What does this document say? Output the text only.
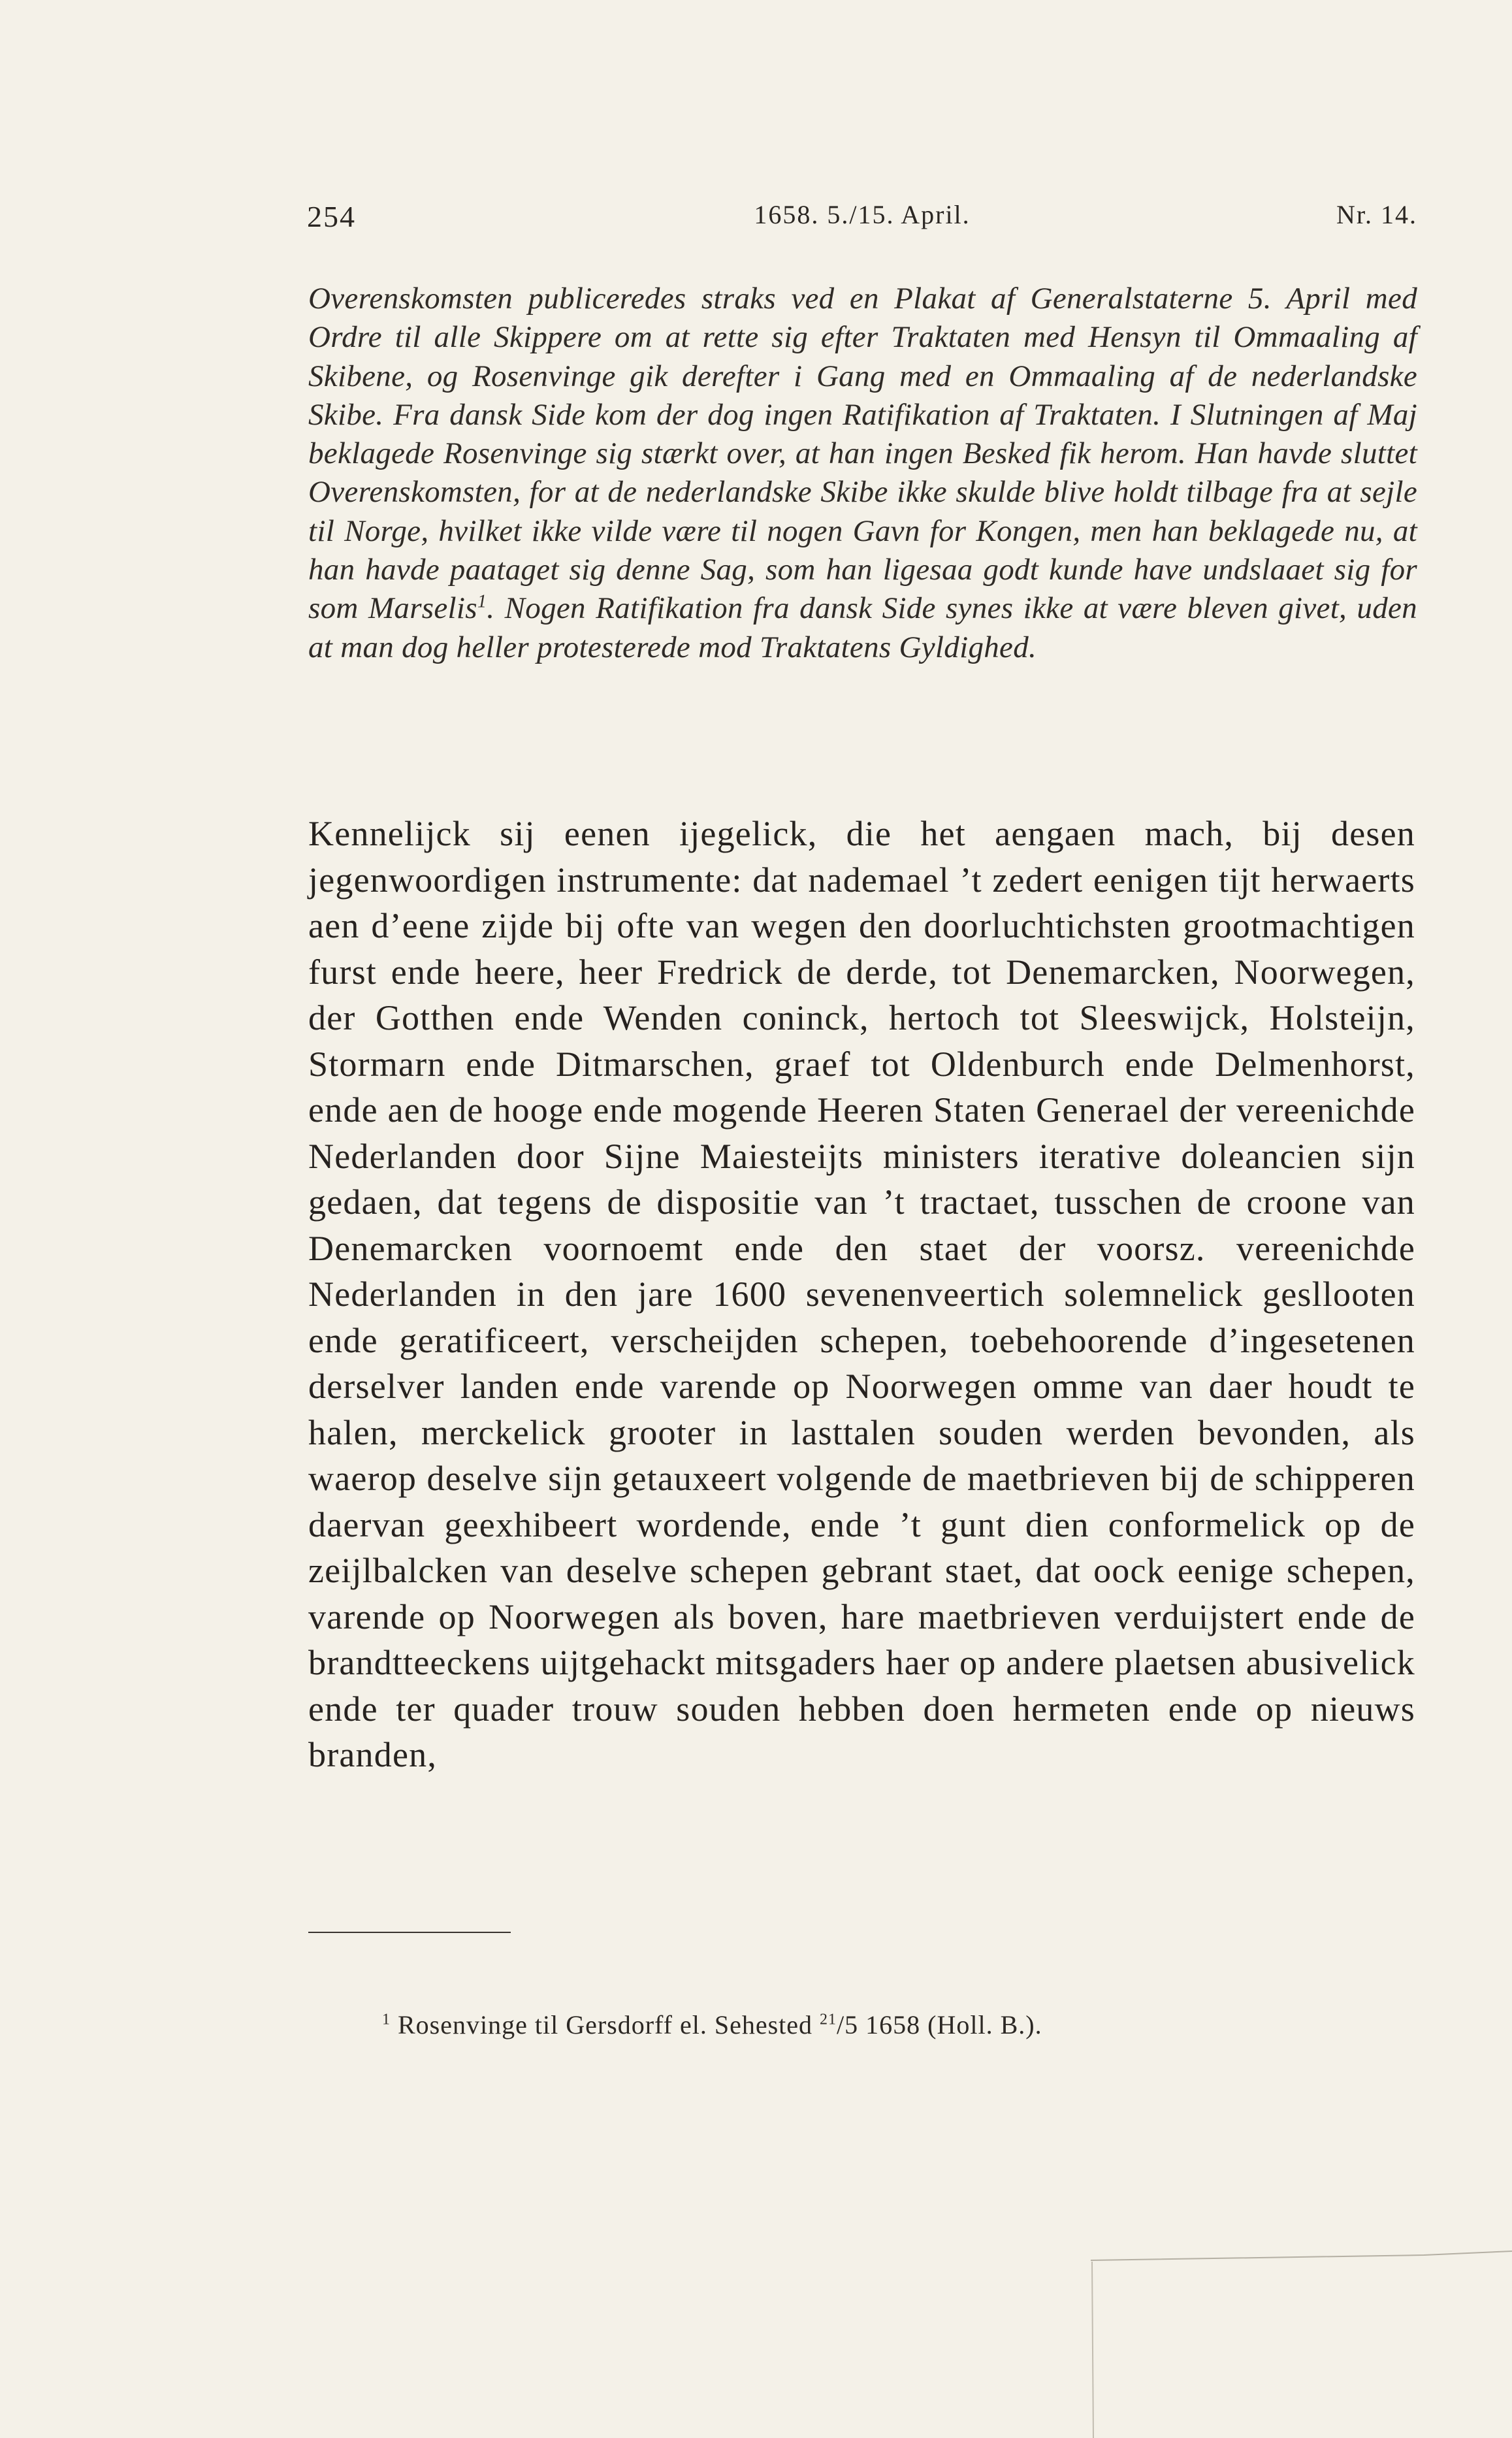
254	1658. 5./15. April.	Nr. 14.

Overenskomsten publiceredes straks ved en Plakat af Generalstaterne 5. April med Ordre til alle Skippere om at rette sig efter Traktaten med Hensyn til Ommaaling af Skibene, og Rosenvinge gik derefter i Gang med en Ommaaling af de nederlandske Skibe. Fra dansk Side kom der dog ingen Ratifikation af Traktaten. I Slutningen af Maj beklagede Rosenvinge sig stærkt over, at han ingen Besked fik herom. Han havde sluttet Overenskomsten, for at de nederlandske Skibe ikke skulde blive holdt tilbage fra at sejle til Norge, hvilket ikke vilde være til nogen Gavn for Kongen, men han beklagede nu, at han havde paataget sig denne Sag, som han ligesaa godt kunde have undslaaet sig for som Marselis$^1$. Nogen Ratifikation fra dansk Side synes ikke at være bleven givet, uden at man dog heller protesterede mod Traktatens Gyldighed.

Kennelijck sij eenen ijegelick, die het aengaen mach, bij desen jegenwoordigen instrumente: dat nademael ’t zedert eenigen tijt herwaerts aen d’eene zijde bij ofte van wegen den doorluchtichsten grootmachtigen furst ende heere, heer Fredrick de derde, tot Denemarcken, Noorwegen, der Gotthen ende Wenden coninck, hertoch tot Sleeswijck, Holsteijn, Stormarn ende Ditmarschen, graef tot Oldenburch ende Delmenhorst, ende aen de hooge ende mogende Heeren Staten Generael der vereenichde Nederlanden door Sijne Maiesteijts ministers iterative doleancien sijn gedaen, dat tegens de dispositie van ’t tractaet, tusschen de croone van Denemarcken voornoemt ende den staet der voorsz. vereenichde Nederlanden in den jare 1600 sevenenveertich solemnelick gesllooten ende geratificeert, verscheijden schepen, toebehoorende d’ingesetenen derselver landen ende varende op Noorwegen omme van daer houdt te halen, merckelick grooter in lasttalen souden werden bevonden, als waerop deselve sijn getauxeert volgende de maetbrieven bij de schipperen daervan geexhibeert wordende, ende ’t gunt dien conformelick op de zeijlbalcken van deselve schepen gebrant staet, dat oock eenige schepen, varende op Noorwegen als boven, hare maetbrieven verduijstert ende de brandtteeckens uijtgehackt mitsgaders haer op andere plaetsen abusivelick ende ter quader trouw souden hebben doen hermeten ende op nieuws branden,

$^1$ Rosenvinge til Gersdorff el. Sehested $^{21}$/5 1658 (Holl. B.).
